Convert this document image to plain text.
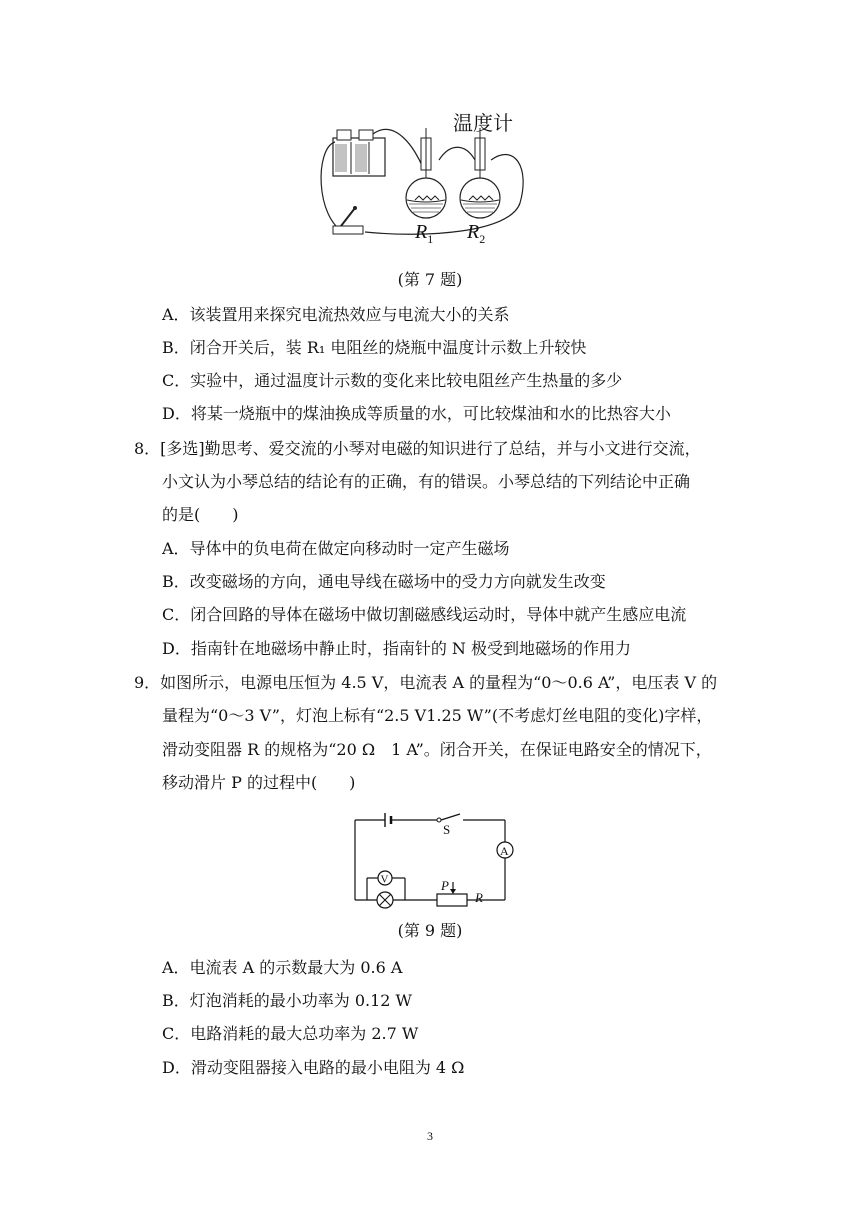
温度计
$R_1$ $R_2$
(第 7 题)
A．该装置用来探究电流热效应与电流大小的关系
B．闭合开关后，装 R₁ 电阻丝的烧瓶中温度计示数上升较快
C．实验中，通过温度计示数的变化来比较电阻丝产生热量的多少
D．将某一烧瓶中的煤油换成等质量的水，可比较煤油和水的比热容大小
8．[多选]勤思考、爱交流的小琴对电磁的知识进行了总结，并与小文进行交流，
小文认为小琴总结的结论有的正确，有的错误。小琴总结的下列结论中正确
的是(　　)
A．导体中的负电荷在做定向移动时一定产生磁场
B．改变磁场的方向，通电导线在磁场中的受力方向就发生改变
C．闭合回路的导体在磁场中做切割磁感线运动时，导体中就产生感应电流
D．指南针在地磁场中静止时，指南针的 N 极受到地磁场的作用力
9．如图所示，电源电压恒为 4.5 V，电流表 A 的量程为“0～0.6 A”，电压表 V 的
量程为“0～3 V”，灯泡上标有“2.5 V1.25 W”(不考虑灯丝电阻的变化)字样，
滑动变阻器 R 的规格为“20 Ω　1 A”。闭合开关，在保证电路安全的情况下，
移动滑片 P 的过程中(　　)
S
A
P
R
V
(第 9 题)
A．电流表 A 的示数最大为 0.6 A
B．灯泡消耗的最小功率为 0.12 W
C．电路消耗的最大总功率为 2.7 W
D．滑动变阻器接入电路的最小电阻为 4 Ω
3
